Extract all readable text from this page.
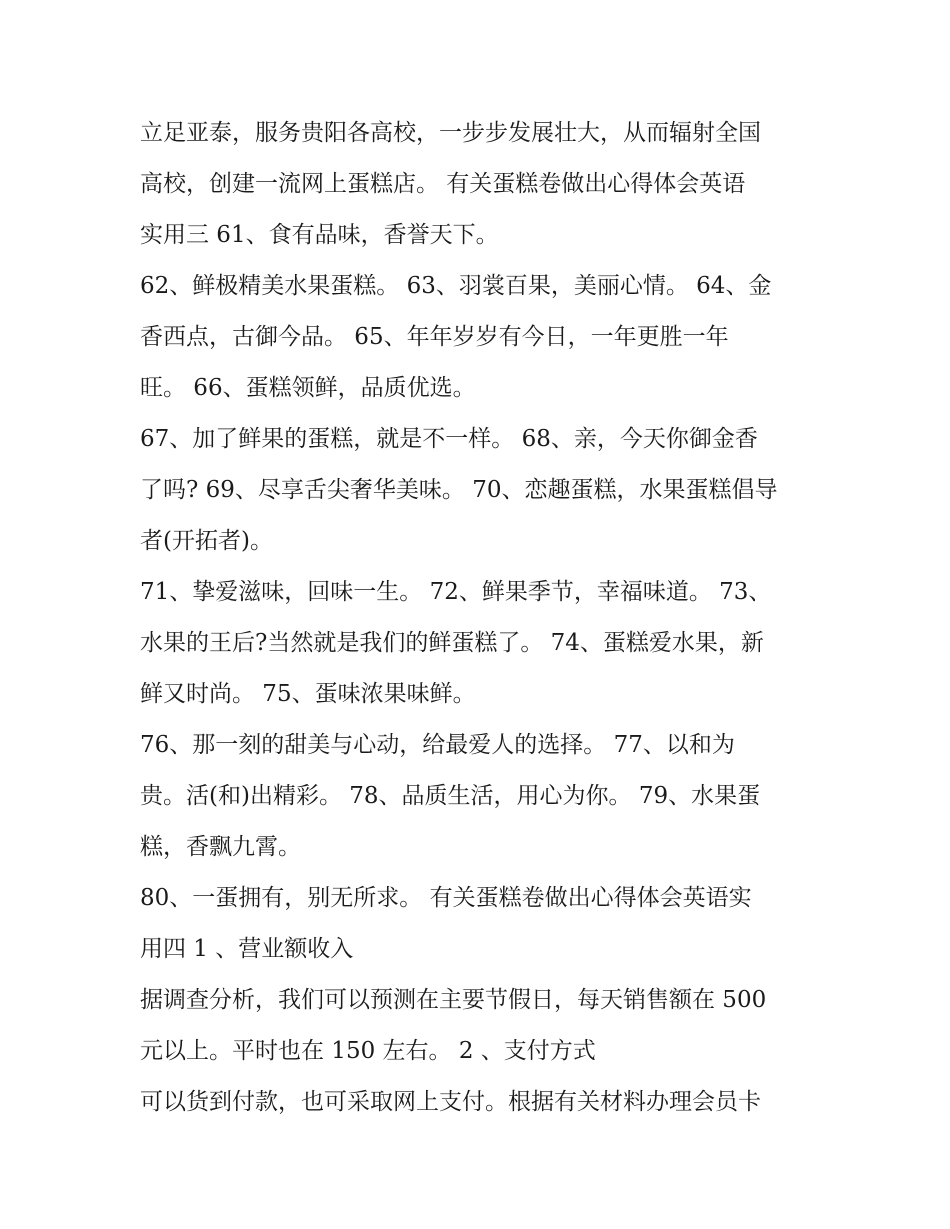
立足亚泰，服务贵阳各高校，一步步发展壮大，从而辐射全国
高校，创建一流网上蛋糕店。 有关蛋糕卷做出心得体会英语
实用三 61、食有品味，香誉天下。
62、鲜极精美水果蛋糕。 63、羽裳百果，美丽心情。 64、金
香西点，古御今品。 65、年年岁岁有今日，一年更胜一年
旺。 66、蛋糕领鲜，品质优选。
67、加了鲜果的蛋糕，就是不一样。 68、亲，今天你御金香
了吗? 69、尽享舌尖奢华美味。 70、恋趣蛋糕，水果蛋糕倡导
者(开拓者)。
71、挚爱滋味，回味一生。 72、鲜果季节，幸福味道。 73、
水果的王后?当然就是我们的鲜蛋糕了。 74、蛋糕爱水果，新
鲜又时尚。 75、蛋味浓果味鲜。
76、那一刻的甜美与心动，给最爱人的选择。 77、以和为
贵。活(和)出精彩。 78、品质生活，用心为你。 79、水果蛋
糕，香飘九霄。
80、一蛋拥有，别无所求。 有关蛋糕卷做出心得体会英语实
用四 1 、营业额收入
据调查分析，我们可以预测在主要节假日，每天销售额在 500
元以上。平时也在 150 左右。 2 、支付方式
可以货到付款，也可采取网上支付。根据有关材料办理会员卡
